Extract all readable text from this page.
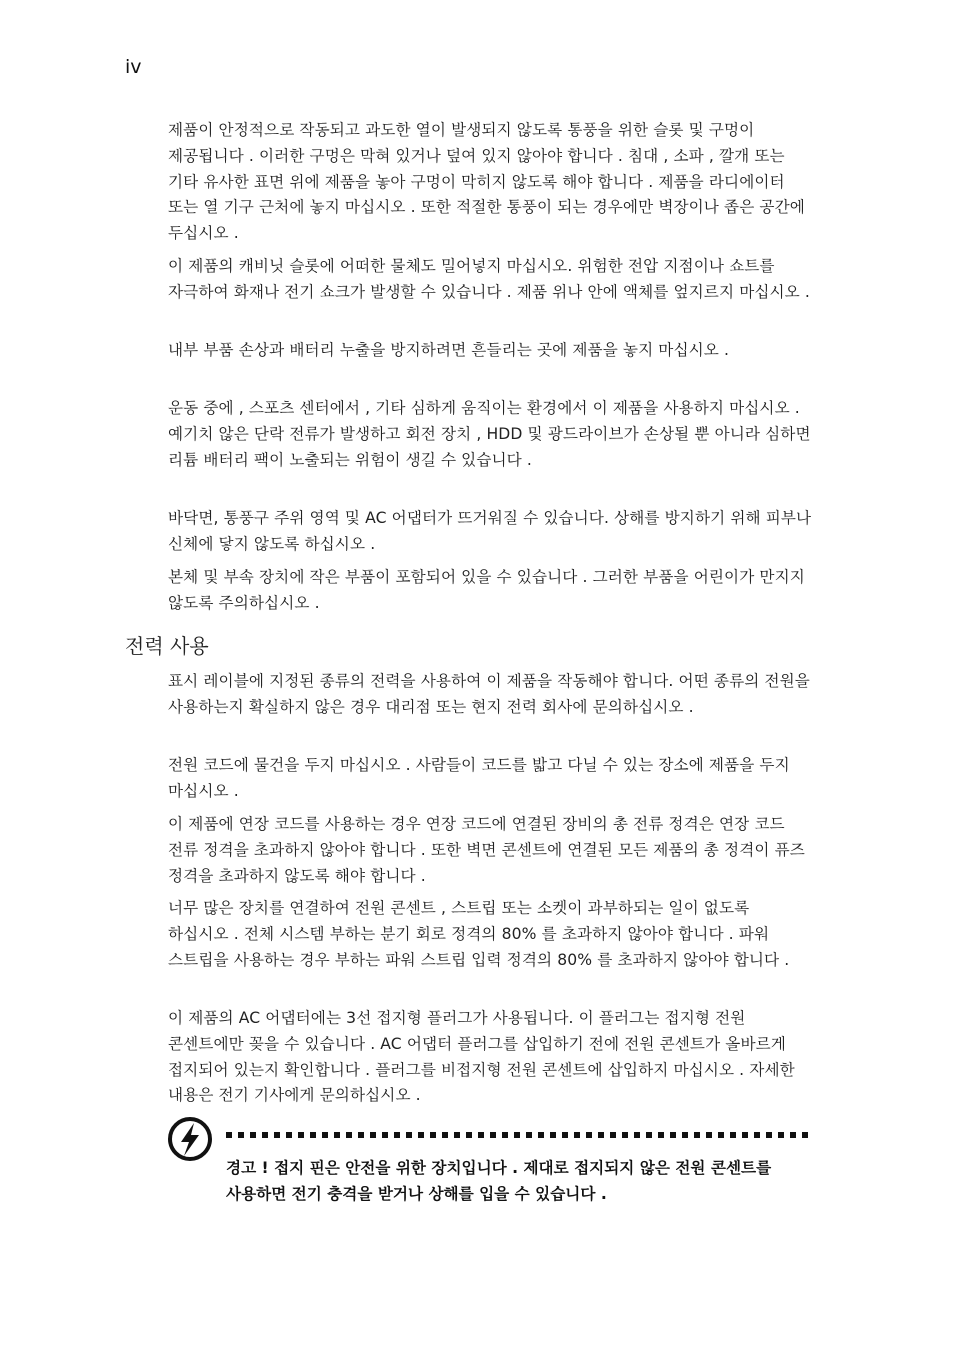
iv

제품이 안정적으로 작동되고 과도한 열이 발생되지 않도록 통풍을 위한 슬롯 및 구멍이 제공됩니다 . 이러한 구멍은 막혀 있거나 덮여 있지 않아야 합니다 . 침대 , 소파 , 깔개 또는 기타 유사한 표면 위에 제품을 놓아 구멍이 막히지 않도록 해야 합니다 . 제품을 라디에이터 또는 열 기구 근처에 놓지 마십시오 . 또한 적절한 통풍이 되는 경우에만 벽장이나 좁은 공간에 두십시오 .

이 제품의 캐비닛 슬롯에 어떠한 물체도 밀어넣지 마십시오. 위험한 전압 지점이나 쇼트를 자극하여 화재나 전기 쇼크가 발생할 수 있습니다 . 제품 위나 안에 액체를 엎지르지 마십시오 .

내부 부품 손상과 배터리 누출을 방지하려면 흔들리는 곳에 제품을 놓지 마십시오 .

운동 중에 , 스포츠 센터에서 , 기타 심하게 움직이는 환경에서 이 제품을 사용하지 마십시오 . 예기치 않은 단락 전류가 발생하고 회전 장치 , HDD 및 광드라이브가 손상될 뿐 아니라 심하면 리튬 배터리 팩이 노출되는 위험이 생길 수 있습니다 .

바닥면, 통풍구 주위 영역 및 AC 어댑터가 뜨거워질 수 있습니다. 상해를 방지하기 위해 피부나 신체에 닿지 않도록 하십시오 .

본체 및 부속 장치에 작은 부품이 포함되어 있을 수 있습니다 . 그러한 부품을 어린이가 만지지 않도록 주의하십시오 .

전력 사용

표시 레이블에 지정된 종류의 전력을 사용하여 이 제품을 작동해야 합니다. 어떤 종류의 전원을 사용하는지 확실하지 않은 경우 대리점 또는 현지 전력 회사에 문의하십시오 .

전원 코드에 물건을 두지 마십시오 . 사람들이 코드를 밟고 다닐 수 있는 장소에 제품을 두지 마십시오 .

이 제품에 연장 코드를 사용하는 경우 연장 코드에 연결된 장비의 총 전류 정격은 연장 코드 전류 정격을 초과하지 않아야 합니다 . 또한 벽면 콘센트에 연결된 모든 제품의 총 정격이 퓨즈 정격을 초과하지 않도록 해야 합니다 .

너무 많은 장치를 연결하여 전원 콘센트 , 스트립 또는 소켓이 과부하되는 일이 없도록 하십시오 . 전체 시스템 부하는 분기 회로 정격의 80% 를 초과하지 않아야 합니다 . 파워 스트립을 사용하는 경우 부하는 파워 스트립 입력 정격의 80% 를 초과하지 않아야 합니다 .

이 제품의 AC 어댑터에는 3선 접지형 플러그가 사용됩니다. 이 플러그는 접지형 전원 콘센트에만 꽂을 수 있습니다 . AC 어댑터 플러그를 삽입하기 전에 전원 콘센트가 올바르게 접지되어 있는지 확인합니다 . 플러그를 비접지형 전원 콘센트에 삽입하지 마십시오 . 자세한 내용은 전기 기사에게 문의하십시오 .

경고 ! 접지 핀은 안전을 위한 장치입니다 . 제대로 접지되지 않은 전원 콘센트를 사용하면 전기 충격을 받거나 상해를 입을 수 있습니다 .
